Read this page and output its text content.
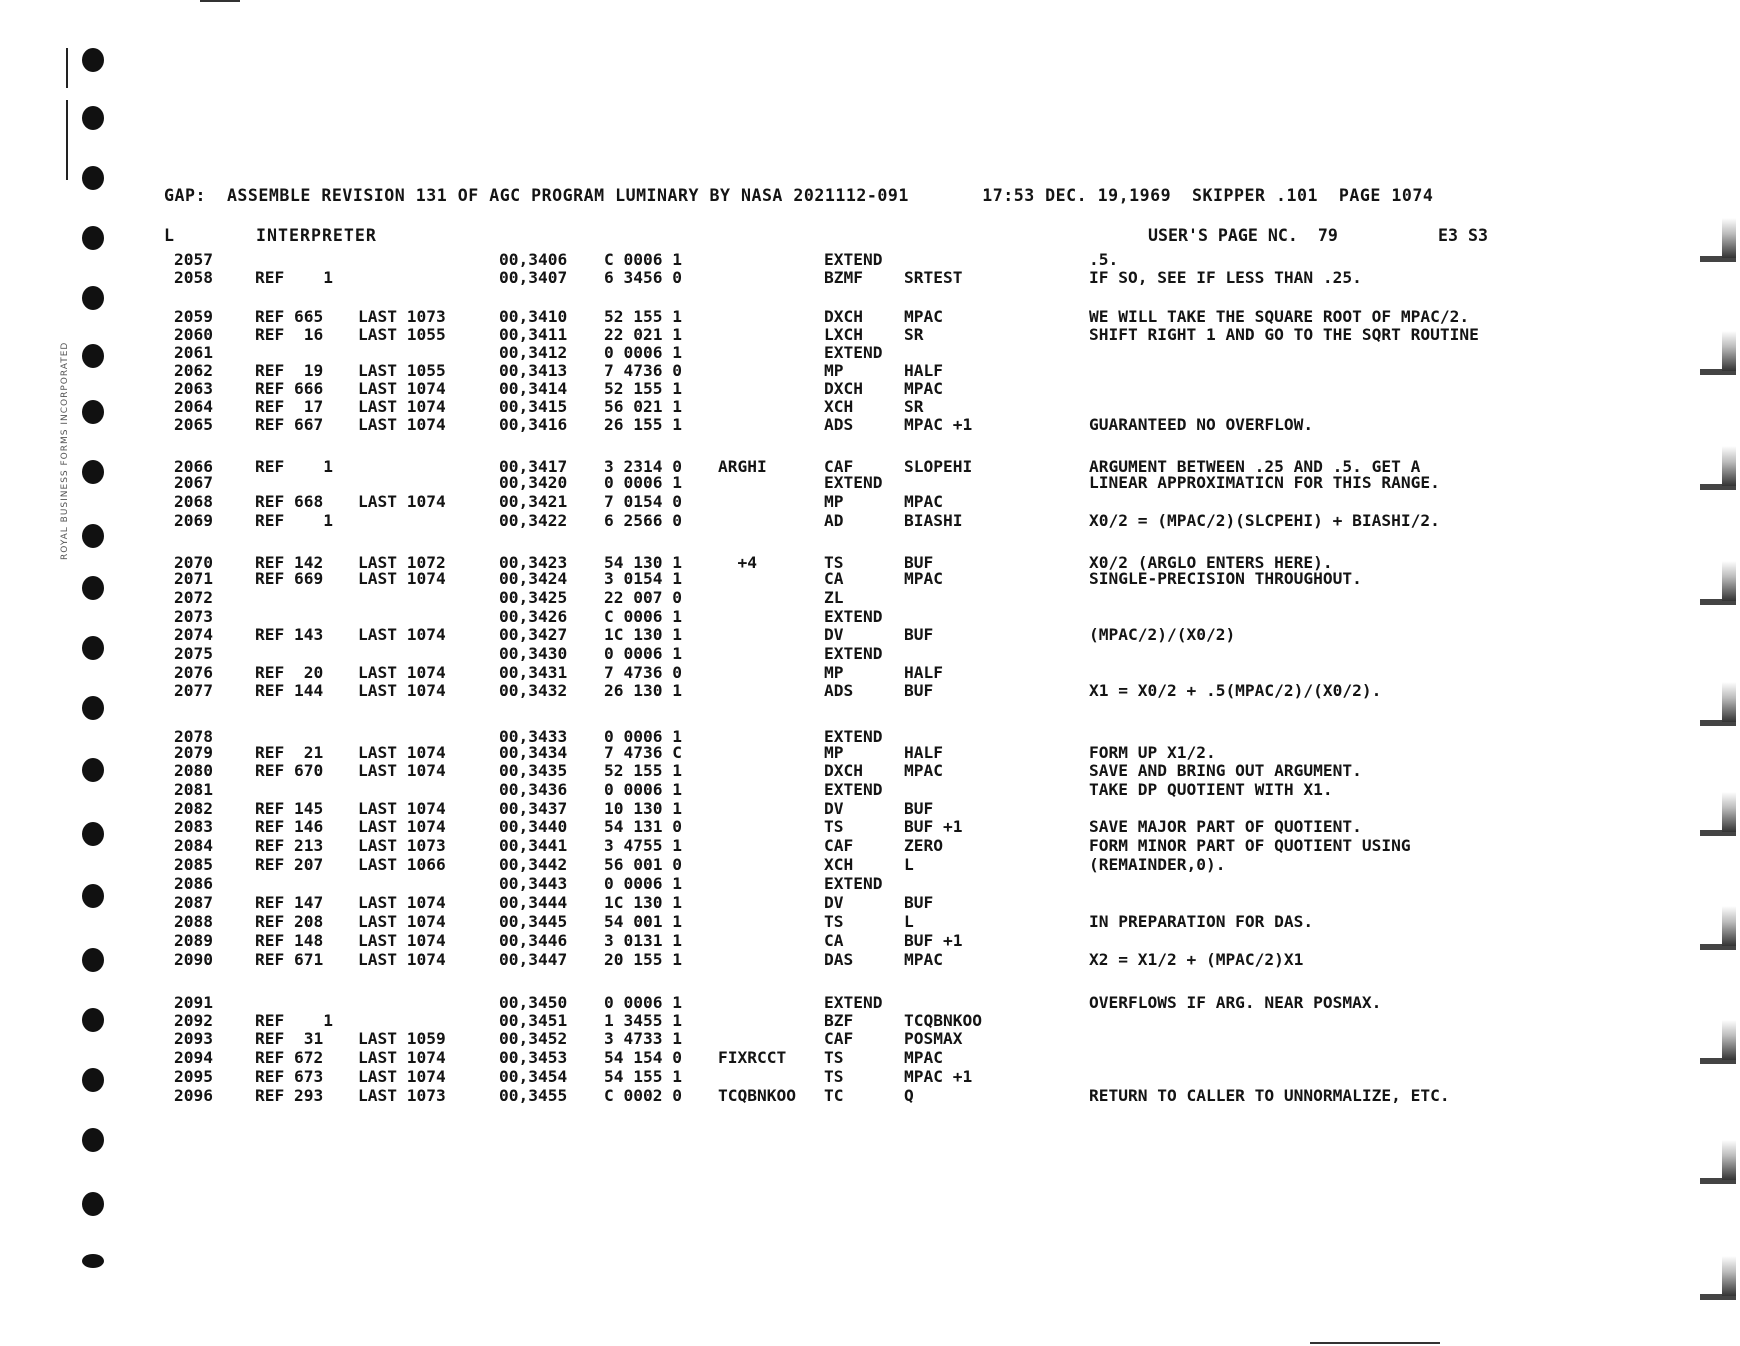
ROYAL BUSINESS FORMS INCORPORATED
GAP:  ASSEMBLE REVISION 131 OF AGC PROGRAM LUMINARY BY NASA 2021112-091       17:53 DEC. 19,1969  SKIPPER .101  PAGE 1074
L	INTERPRETER	USER'S PAGE NC.  79	E3 S3
2057	00,3406 C 0006 1	EXTEND	.5.
2058	REF    1	00,3407 6 3456 0	BZMF	SRTEST	IF SO, SEE IF LESS THAN .25.
2059	REF 665 LAST 1073	00,3410 52 155 1	DXCH	MPAC	WE WILL TAKE THE SQUARE ROOT OF MPAC/2.
2060	REF  16 LAST 1055	00,3411 22 021 1	LXCH	SR	SHIFT RIGHT 1 AND GO TO THE SQRT ROUTINE
2061	00,3412 0 0006 1	EXTEND
2062	REF  19 LAST 1055	00,3413 7 4736 0	MP	HALF
2063	REF 666 LAST 1074	00,3414 52 155 1	DXCH	MPAC
2064	REF  17 LAST 1074	00,3415 56 021 1	XCH	SR
2065	REF 667 LAST 1074	00,3416 26 155 1	ADS	MPAC +1	GUARANTEED NO OVERFLOW.
2066	REF    1	00,3417 3 2314 0 ARGHI	CAF	SLOPEHI	ARGUMENT BETWEEN .25 AND .5. GET A
2067	00,3420 0 0006 1	EXTEND	LINEAR APPROXIMATICN FOR THIS RANGE.
2068	REF 668 LAST 1074	00,3421 7 0154 0	MP	MPAC
2069	REF    1	00,3422 6 2566 0	AD	BIASHI	X0/2 = (MPAC/2)(SLCPEHI) + BIASHI/2.
2070	REF 142 LAST 1072	00,3423 54 130 1 +4	TS	BUF	X0/2 (ARGLO ENTERS HERE).
2071	REF 669 LAST 1074	00,3424 3 0154 1	CA	MPAC	SINGLE-PRECISION THROUGHOUT.
2072	00,3425 22 007 0	ZL
2073	00,3426 C 0006 1	EXTEND
2074	REF 143 LAST 1074	00,3427 1C 130 1	DV	BUF	(MPAC/2)/(X0/2)
2075	00,3430 0 0006 1	EXTEND
2076	REF  20 LAST 1074	00,3431 7 4736 0	MP	HALF
2077	REF 144 LAST 1074	00,3432 26 130 1	ADS	BUF	X1 = X0/2 + .5(MPAC/2)/(X0/2).
2078	00,3433 0 0006 1	EXTEND
2079	REF  21 LAST 1074	00,3434 7 4736 C	MP	HALF	FORM UP X1/2.
2080	REF 670 LAST 1074	00,3435 52 155 1	DXCH	MPAC	SAVE AND BRING OUT ARGUMENT.
2081	00,3436 0 0006 1	EXTEND	TAKE DP QUOTIENT WITH X1.
2082	REF 145 LAST 1074	00,3437 10 130 1	DV	BUF
2083	REF 146 LAST 1074	00,3440 54 131 0	TS	BUF +1	SAVE MAJOR PART OF QUOTIENT.
2084	REF 213 LAST 1073	00,3441 3 4755 1	CAF	ZERO	FORM MINOR PART OF QUOTIENT USING
2085	REF 207 LAST 1066	00,3442 56 001 0	XCH	L	(REMAINDER,0).
2086	00,3443 0 0006 1	EXTEND
2087	REF 147 LAST 1074	00,3444 1C 130 1	DV	BUF
2088	REF 208 LAST 1074	00,3445 54 001 1	TS	L	IN PREPARATION FOR DAS.
2089	REF 148 LAST 1074	00,3446 3 0131 1	CA	BUF +1
2090	REF 671 LAST 1074	00,3447 20 155 1	DAS	MPAC	X2 = X1/2 + (MPAC/2)X1
2091	00,3450 0 0006 1	EXTEND	OVERFLOWS IF ARG. NEAR POSMAX.
2092	REF    1	00,3451 1 3455 1	BZF	TCQBNKOO
2093	REF  31 LAST 1059	00,3452 3 4733 1	CAF	POSMAX
2094	REF 672 LAST 1074	00,3453 54 154 0 FIXRCCT TS	MPAC
2095	REF 673 LAST 1074	00,3454 54 155 1	TS	MPAC +1
2096	REF 293 LAST 1073	00,3455 C 0002 0 TCQBNKOO TC	Q	RETURN TO CALLER TO UNNORMALIZE, ETC.
